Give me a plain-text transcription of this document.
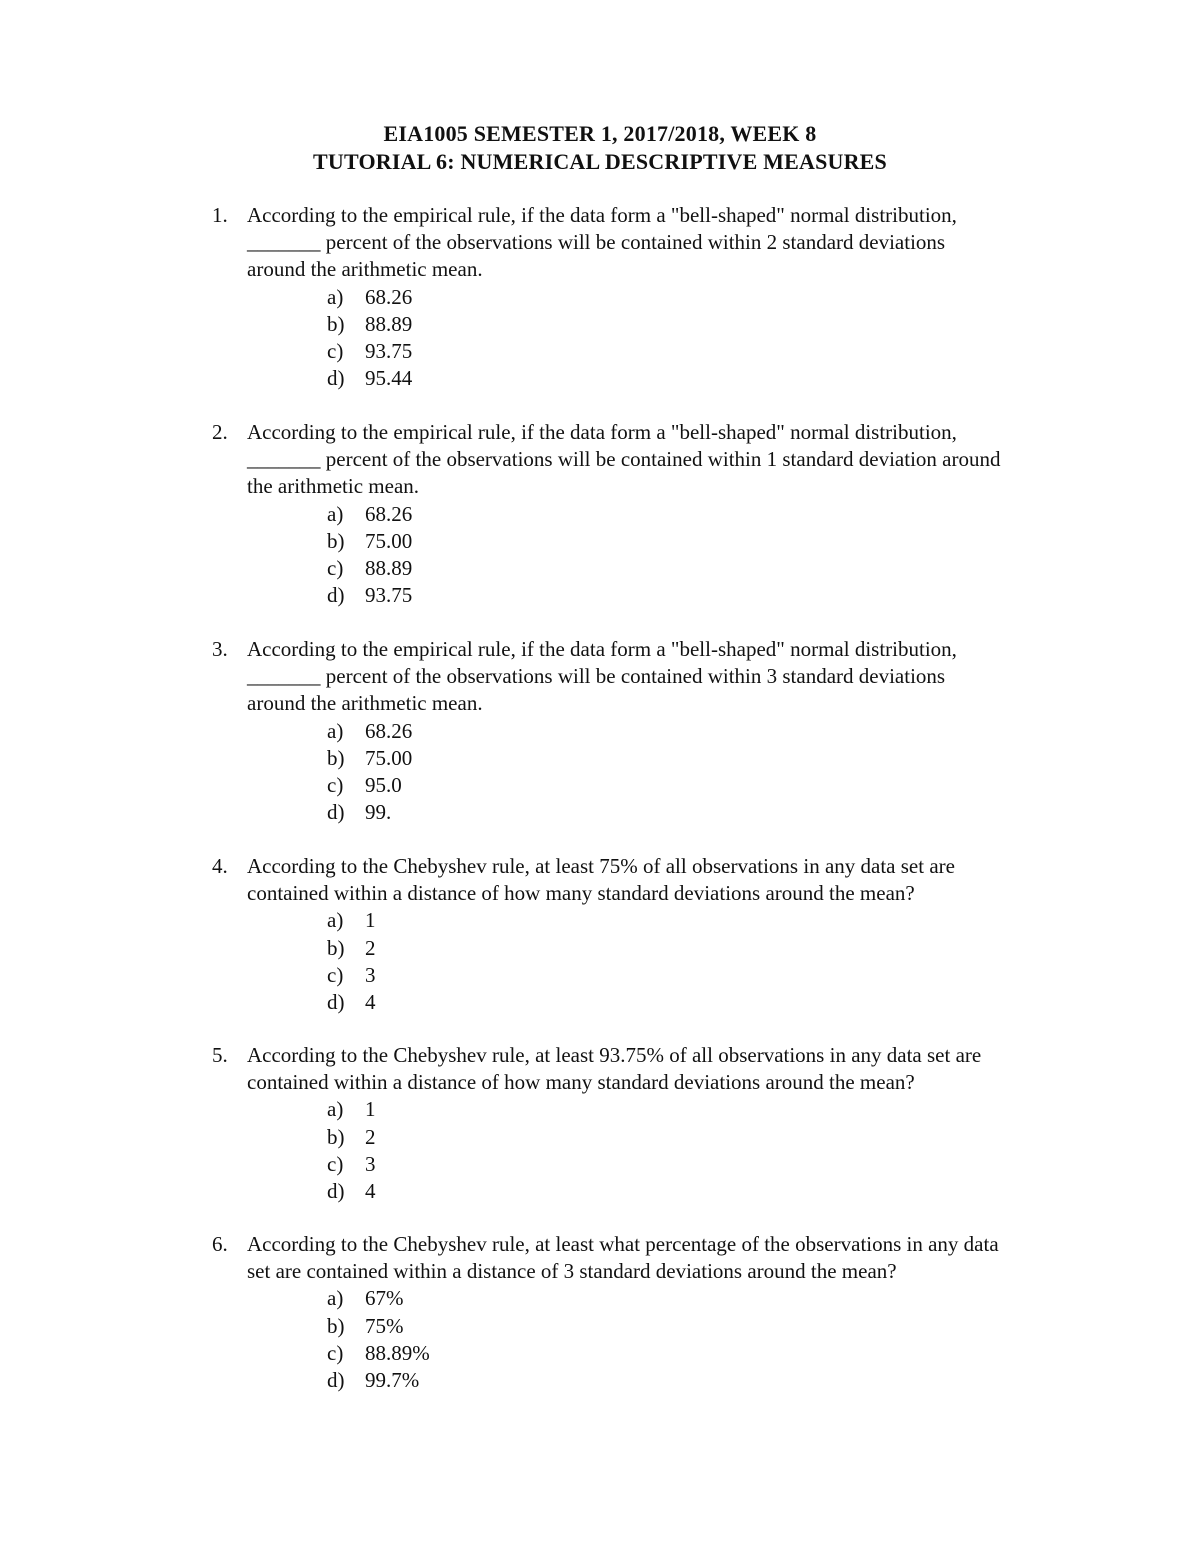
EIA1005 SEMESTER 1, 2017/2018, WEEK 8
TUTORIAL 6: NUMERICAL DESCRIPTIVE MEASURES
1. According to the empirical rule, if the data form a "bell-shaped" normal distribution,
_______ percent of the observations will be contained within 2 standard deviations
around the arithmetic mean.
a) 68.26
b) 88.89
c) 93.75
d) 95.44
2. According to the empirical rule, if the data form a "bell-shaped" normal distribution,
_______ percent of the observations will be contained within 1 standard deviation around
the arithmetic mean.
a) 68.26
b) 75.00
c) 88.89
d) 93.75
3. According to the empirical rule, if the data form a "bell-shaped" normal distribution,
_______ percent of the observations will be contained within 3 standard deviations
around the arithmetic mean.
a) 68.26
b) 75.00
c) 95.0
d) 99.
4. According to the Chebyshev rule, at least 75% of all observations in any data set are
contained within a distance of how many standard deviations around the mean?
a) 1
b) 2
c) 3
d) 4
5. According to the Chebyshev rule, at least 93.75% of all observations in any data set are
contained within a distance of how many standard deviations around the mean?
a) 1
b) 2
c) 3
d) 4
6. According to the Chebyshev rule, at least what percentage of the observations in any data
set are contained within a distance of 3 standard deviations around the mean?
a) 67%
b) 75%
c) 88.89%
d) 99.7%
